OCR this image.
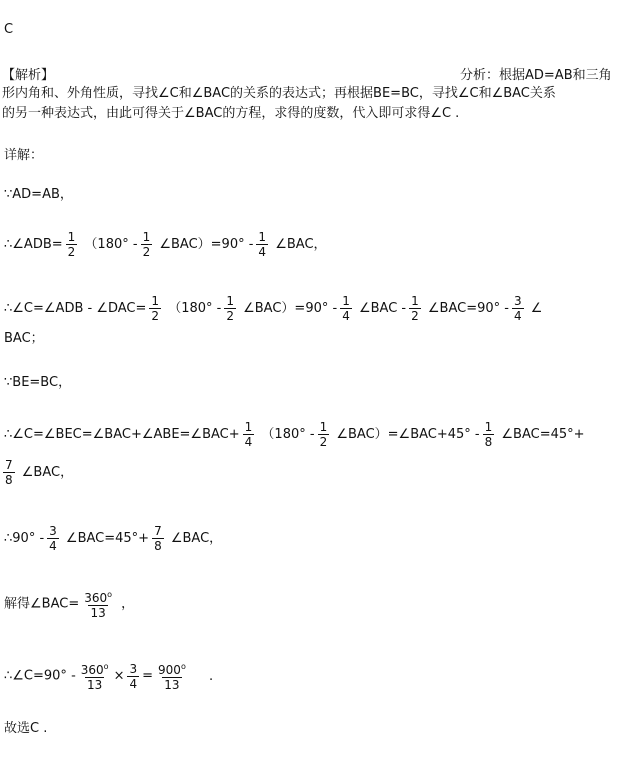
C
【解析】	分析：根据AD=AB和三角
形内角和、外角性质，寻找∠C和∠BAC的关系的表达式；再根据BE=BC，寻找∠C和∠BAC关系
的另一种表达式，由此可得关于∠BAC的方程，求得的度数，代入即可求得∠C .
详解：
∵AD=AB，
∴∠ADB= $\frac{1}{2} (180^\circ - \frac{1}{2}$ ∠BAC）=90° - $\frac{1}{4}$ ∠BAC，
∴∠C=∠ADB - ∠DAC= $\frac{1}{2} (180^\circ - \frac{1}{2}$ ∠BAC）=90° - $\frac{1}{4}$ ∠BAC - $\frac{1}{2}$ ∠BAC=90° - $\frac{3}{4}$ ∠
BAC；
∵BE=BC，
∴∠C=∠BEC=∠BAC+∠ABE=∠BAC+ $\frac{1}{4} (180^\circ - \frac{1}{2}$ ∠BAC）=∠BAC+45° - $\frac{1}{8}$ ∠BAC=45°+
$\frac{7}{8}$ ∠BAC，
∴90° - $\frac{3}{4}$ ∠BAC=45°+ $\frac{7}{8}$ ∠BAC，
解得∠BAC= $\frac{360^o}{13}$ ，
∴∠C=90° - $\frac{360^o}{13} \times \frac{3}{4} = \frac{900^o}{13}$ .
故选C .
